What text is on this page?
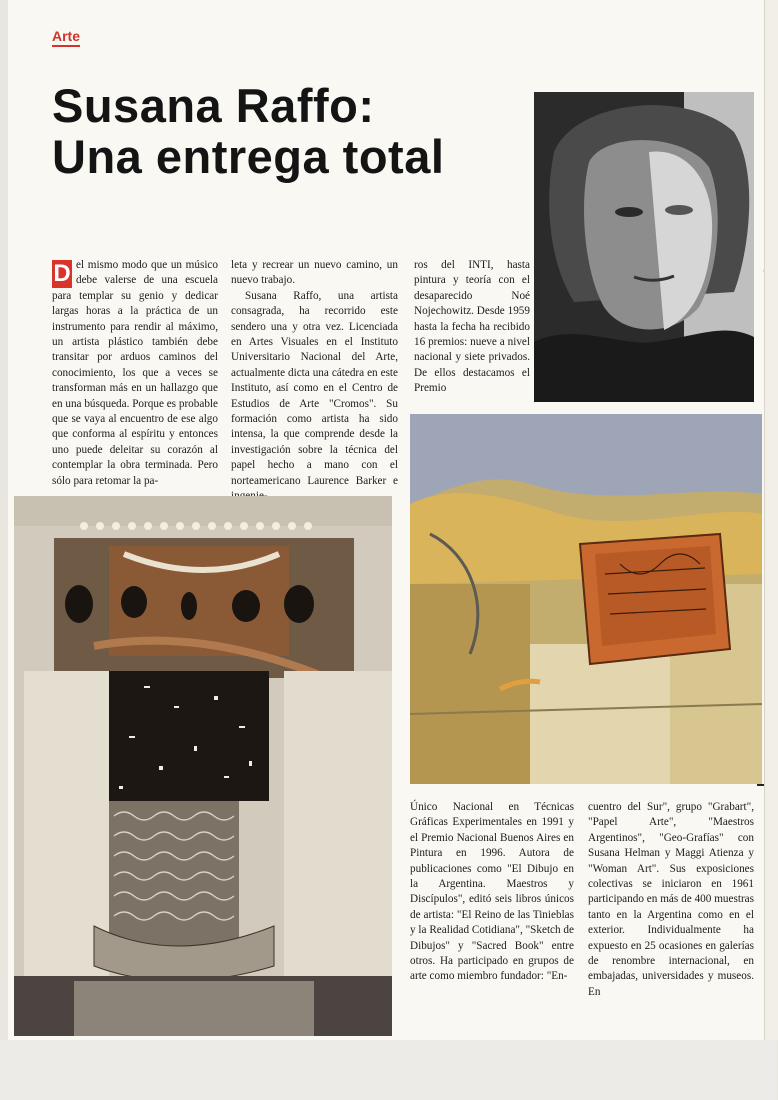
Arte
Susana Raffo:
Una entrega total

D el mismo modo que un músico debe valerse de una escuela para templar su genio y dedicar largas horas a la práctica de un instrumento para rendir al máximo, un artista plástico también debe transitar por arduos caminos del conocimiento, los que a veces se transforman más en un hallazgo que en una búsqueda. Porque es probable que se vaya al encuentro de ese algo que conforma al espíritu y entonces uno puede deleitar su corazón al contemplar la obra terminada. Pero sólo para retomar la pa-

leta y recrear un nuevo camino, un nuevo trabajo.

Susana Raffo, una artista consagrada, ha recorrido este sendero una y otra vez. Licenciada en Artes Visuales en el Instituto Universitario Nacional del Arte, actualmente dicta una cátedra en este Instituto, así como en el Centro de Estudios de Arte "Cromos". Su formación como artista ha sido intensa, la que comprende desde la investigación sobre la técnica del papel hecho a mano con el norteamericano Laurence Barker e

ros del INTI, hasta pintura y teoría con el desaparecido Noé Nojechowitz. Desde 1959 hasta la fecha ha recibido 16 premios: nueve a nivel nacional y siete privados. De ellos destacamos el Premio

Único Nacional en Técnicas Gráficas Experimentales en 1991 y el Premio Nacional Buenos Aires en Pintura en 1996. Autora de publicaciones como "El Dibujo en la Argentina. Maestros y Discípulos", editó seis libros únicos de artista: "El Reino de las Tinieblas y la Realidad Cotidiana", "Sketch de Dibujos" y "Sacred Book" entre otros. Ha participado en grupos de arte como miembro fundador: "En-

cuentro del Sur", grupo "Grabart", "Papel Arte", "Maestros Argentinos", "Geo-Grafías" con Susana Helman y Maggi Atienza y "Woman Art". Sus exposiciones colectivas se iniciaron en 1961 participando en más de 400 muestras tanto en la Argentina como en el exterior. Individualmente ha expuesto en 25 ocasiones en galerías de renombre internacional, en embajadas, universidades y museos. En
